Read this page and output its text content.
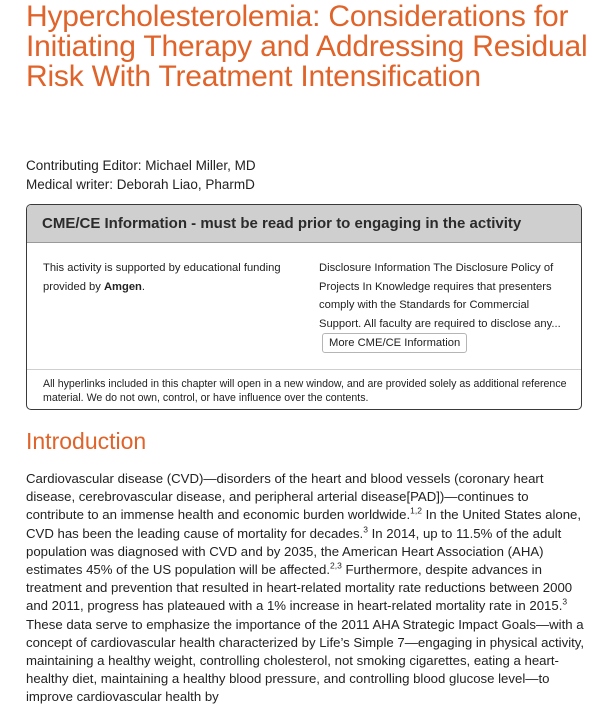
Hypercholesterolemia: Considerations for Initiating Therapy and Addressing Residual Risk With Treatment Intensification
Contributing Editor: Michael Miller, MD
Medical writer: Deborah Liao, PharmD
CME/CE Information - must be read prior to engaging in the activity
This activity is supported by educational funding provided by Amgen.
Disclosure Information The Disclosure Policy of Projects In Knowledge requires that presenters comply with the Standards for Commercial Support. All faculty are required to disclose any...More CME/CE Information
All hyperlinks included in this chapter will open in a new window, and are provided solely as additional reference material. We do not own, control, or have influence over the contents.
Introduction

Cardiovascular disease (CVD)—disorders of the heart and blood vessels (coronary heart disease, cerebrovascular disease, and peripheral arterial disease[PAD])—continues to contribute to an immense health and economic burden worldwide.$^{1,2}$ In the United States alone, CVD has been the leading cause of mortality for decades.$^3$ In 2014, up to 11.5% of the adult population was diagnosed with CVD and by 2035, the American Heart Association (AHA) estimates 45% of the US population will be affected.$^{2,3}$ Furthermore, despite advances in treatment and prevention that resulted in heart-related mortality rate reductions between 2000 and 2011, progress has plateaued with a 1% increase in heart-related mortality rate in 2015.$^3$ These data serve to emphasize the importance of the 2011 AHA Strategic Impact Goals—with a concept of cardiovascular health characterized by Life’s Simple 7—engaging in physical activity, maintaining a healthy weight, controlling cholesterol, not smoking cigarettes, eating a heart-healthy diet, maintaining a healthy blood pressure, and controlling blood glucose level—to improve cardiovascular health by
